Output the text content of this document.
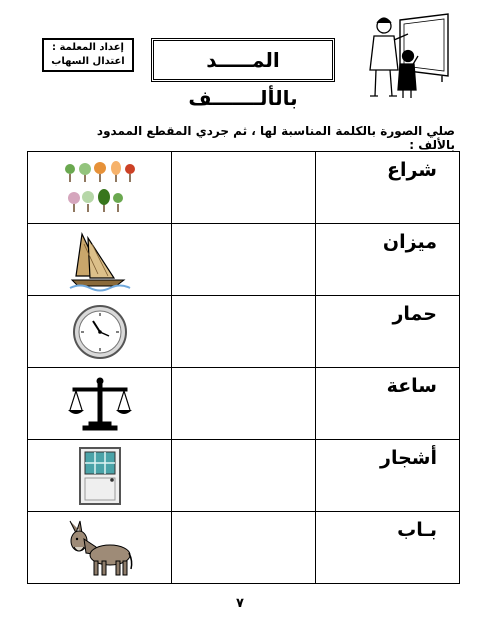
إعداد المعلمة :
اعتدال السهاب	المـــــد بالألـــــــف
صلي الصورة بالكلمة المناسبة لها ، ثم جردي المقطع الممدود بالألف :
شراع

ميزان

حمار

ساعة

أشجار

بـاب

٧
